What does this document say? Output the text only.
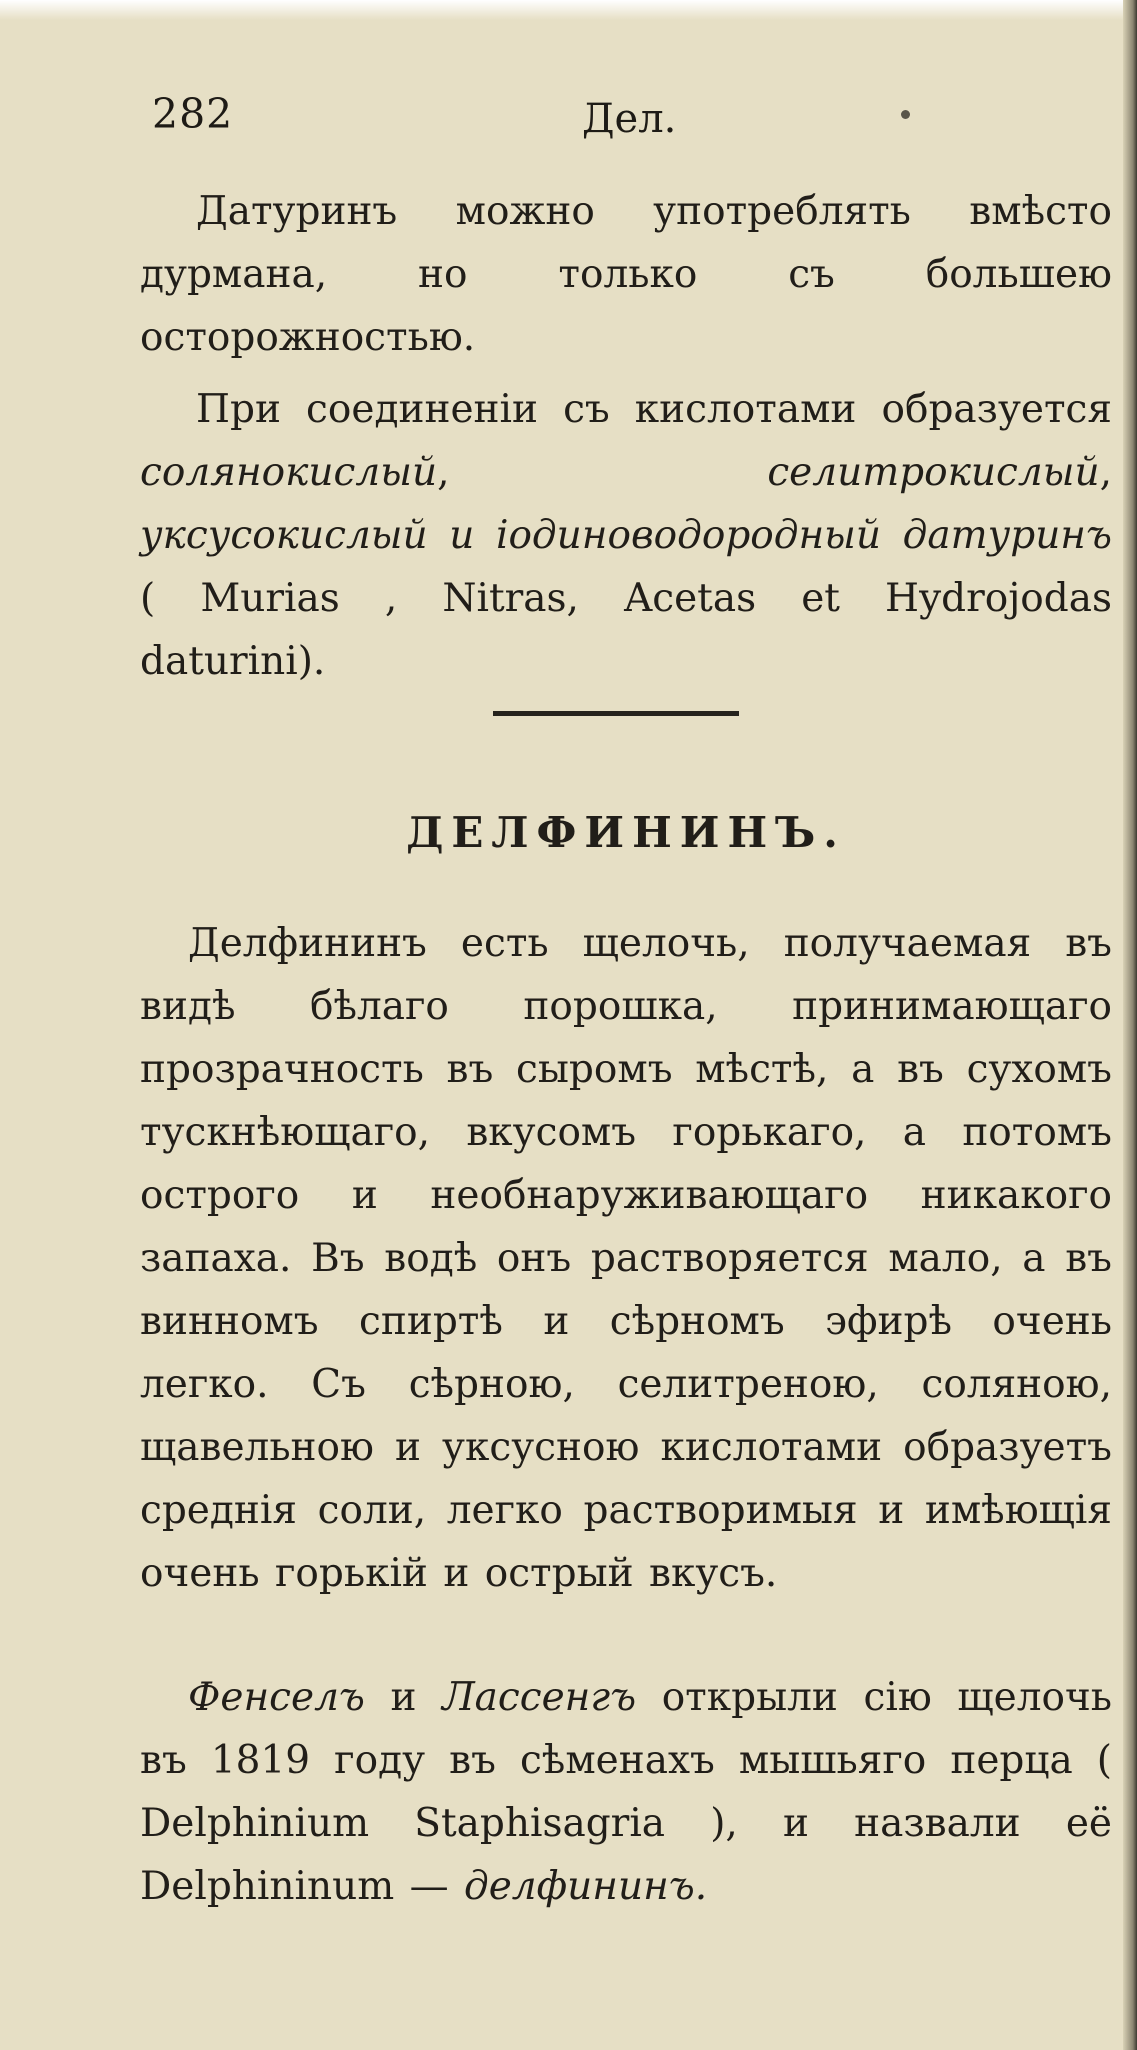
282	Дел.

Датуринъ можно употреблять вмѣсто дурмана, но только съ большею осторожностью.

При соединеніи съ кислотами образуется солянокислый, селитрокислый, уксусокислый и іодиноводородный датуринъ ( Murias , Nitras, Acetas et Hydrojodas daturini).

ДЕЛФИНИНЪ.

Делфининъ есть щелочь, получаемая въ видѣ бѣлаго порошка, принимающаго прозрачность въ сыромъ мѣстѣ, а въ сухомъ тускнѣющаго, вкусомъ горькаго, а потомъ острого и необнаруживающаго никакого запаха. Въ водѣ онъ растворяется мало, а въ винномъ спиртѣ и сѣрномъ эфирѣ очень легко. Съ сѣрною, селитреною, соляною, щавельною и уксусною кислотами образуетъ среднія соли, легко растворимыя и имѣющія очень горькій и острый вкусъ.

Фенселъ и Лассенгъ открыли сію щелочь въ 1819 году въ сѣменахъ мышьяго перца ( Delphinium Staphisagria ), и назвали её Delphininum — делфининъ.
